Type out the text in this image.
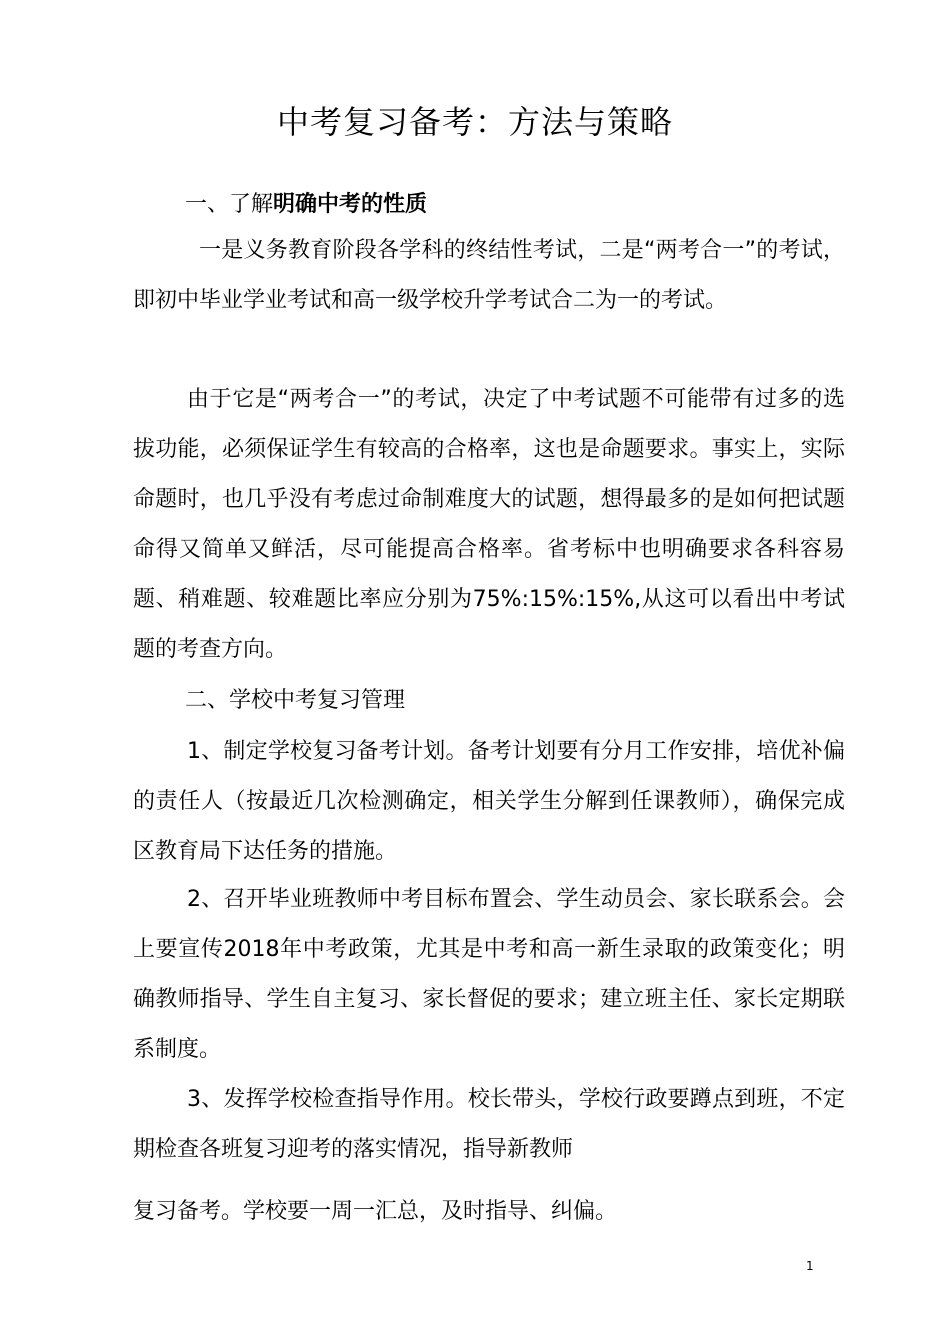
中考复习备考：方法与策略
一、了解明确中考的性质

一是义务教育阶段各学科的终结性考试，二是“两考合一”的考试，即初中毕业学业考试和高一级学校升学考试合二为一的考试。

由于它是“两考合一”的考试，决定了中考试题不可能带有过多的选拔功能，必须保证学生有较高的合格率，这也是命题要求。事实上，实际命题时，也几乎没有考虑过命制难度大的试题，想得最多的是如何把试题命得又简单又鲜活，尽可能提高合格率。省考标中也明确要求各科容易题、稍难题、较难题比率应分别为75%:15%:15%,从这可以看出中考试题的考查方向。

二、学校中考复习管理

1、制定学校复习备考计划。备考计划要有分月工作安排，培优补偏的责任人（按最近几次检测确定，相关学生分解到任课教师），确保完成区教育局下达任务的措施。

2、召开毕业班教师中考目标布置会、学生动员会、家长联系会。会上要宣传2018年中考政策，尤其是中考和高一新生录取的政策变化；明确教师指导、学生自主复习、家长督促的要求；建立班主任、家长定期联系制度。

3、发挥学校检查指导作用。校长带头，学校行政要蹲点到班，不定期检查各班复习迎考的落实情况，指导新教师

复习备考。学校要一周一汇总，及时指导、纠偏。

1
